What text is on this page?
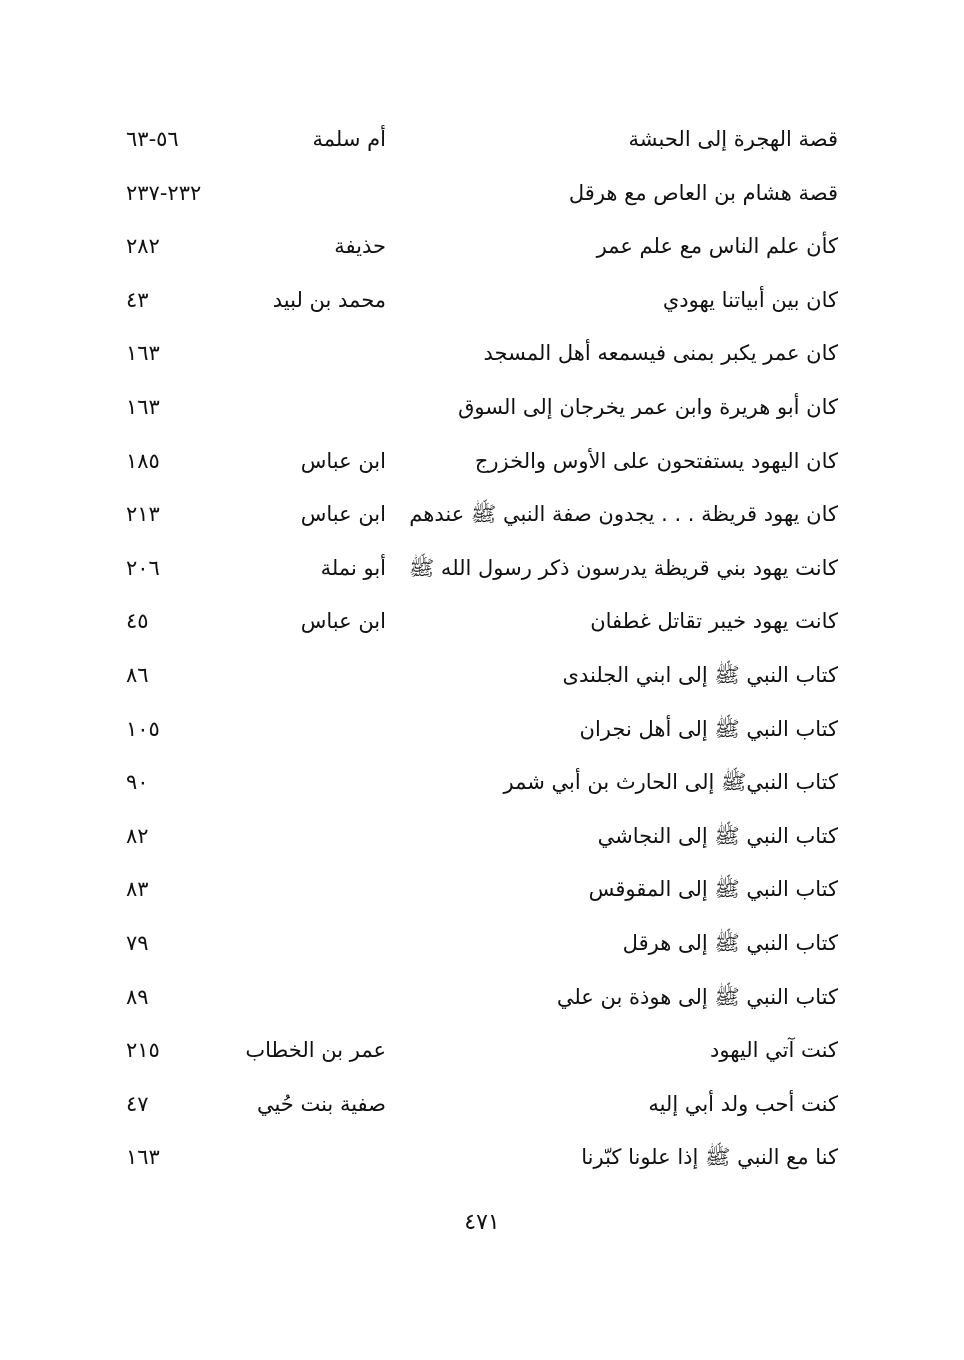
قصة الهجرة إلى الحبشة
أم سلمة
٥٦-٦٣
قصة هشام بن العاص مع هرقل
٢٣٢-٢٣٧
كأن علم الناس مع علم عمر
حذيفة
٢٨٢
كان بين أبياتنا يهودي
محمد بن لبيد
٤٣
كان عمر يكبر بمنى فيسمعه أهل المسجد
١٦٣
كان أبو هريرة وابن عمر يخرجان إلى السوق
١٦٣
كان اليهود يستفتحون على الأوس والخزرج
ابن عباس
١٨٥
كان يهود قريظة . . . يجدون صفة النبي ﷺ عندهم
ابن عباس
٢١٣
كانت يهود بني قريظة يدرسون ذكر رسول الله ﷺ
أبو نملة
٢٠٦
كانت يهود خيبر تقاتل غطفان
ابن عباس
٤٥
كتاب النبي ﷺ إلى ابني الجلندى
٨٦
كتاب النبي ﷺ إلى أهل نجران
١٠٥
كتاب النبيﷺ إلى الحارث بن أبي شمر
٩٠
كتاب النبي ﷺ إلى النجاشي
٨٢
كتاب النبي ﷺ إلى المقوقس
٨٣
كتاب النبي ﷺ إلى هرقل
٧٩
كتاب النبي ﷺ إلى هوذة بن علي
٨٩
كنت آتي اليهود
عمر بن الخطاب
٢١٥
كنت أحب ولد أبي إليه
صفية بنت حُيي
٤٧
كنا مع النبي ﷺ إذا علونا كبّرنا
١٦٣
٤٧١
